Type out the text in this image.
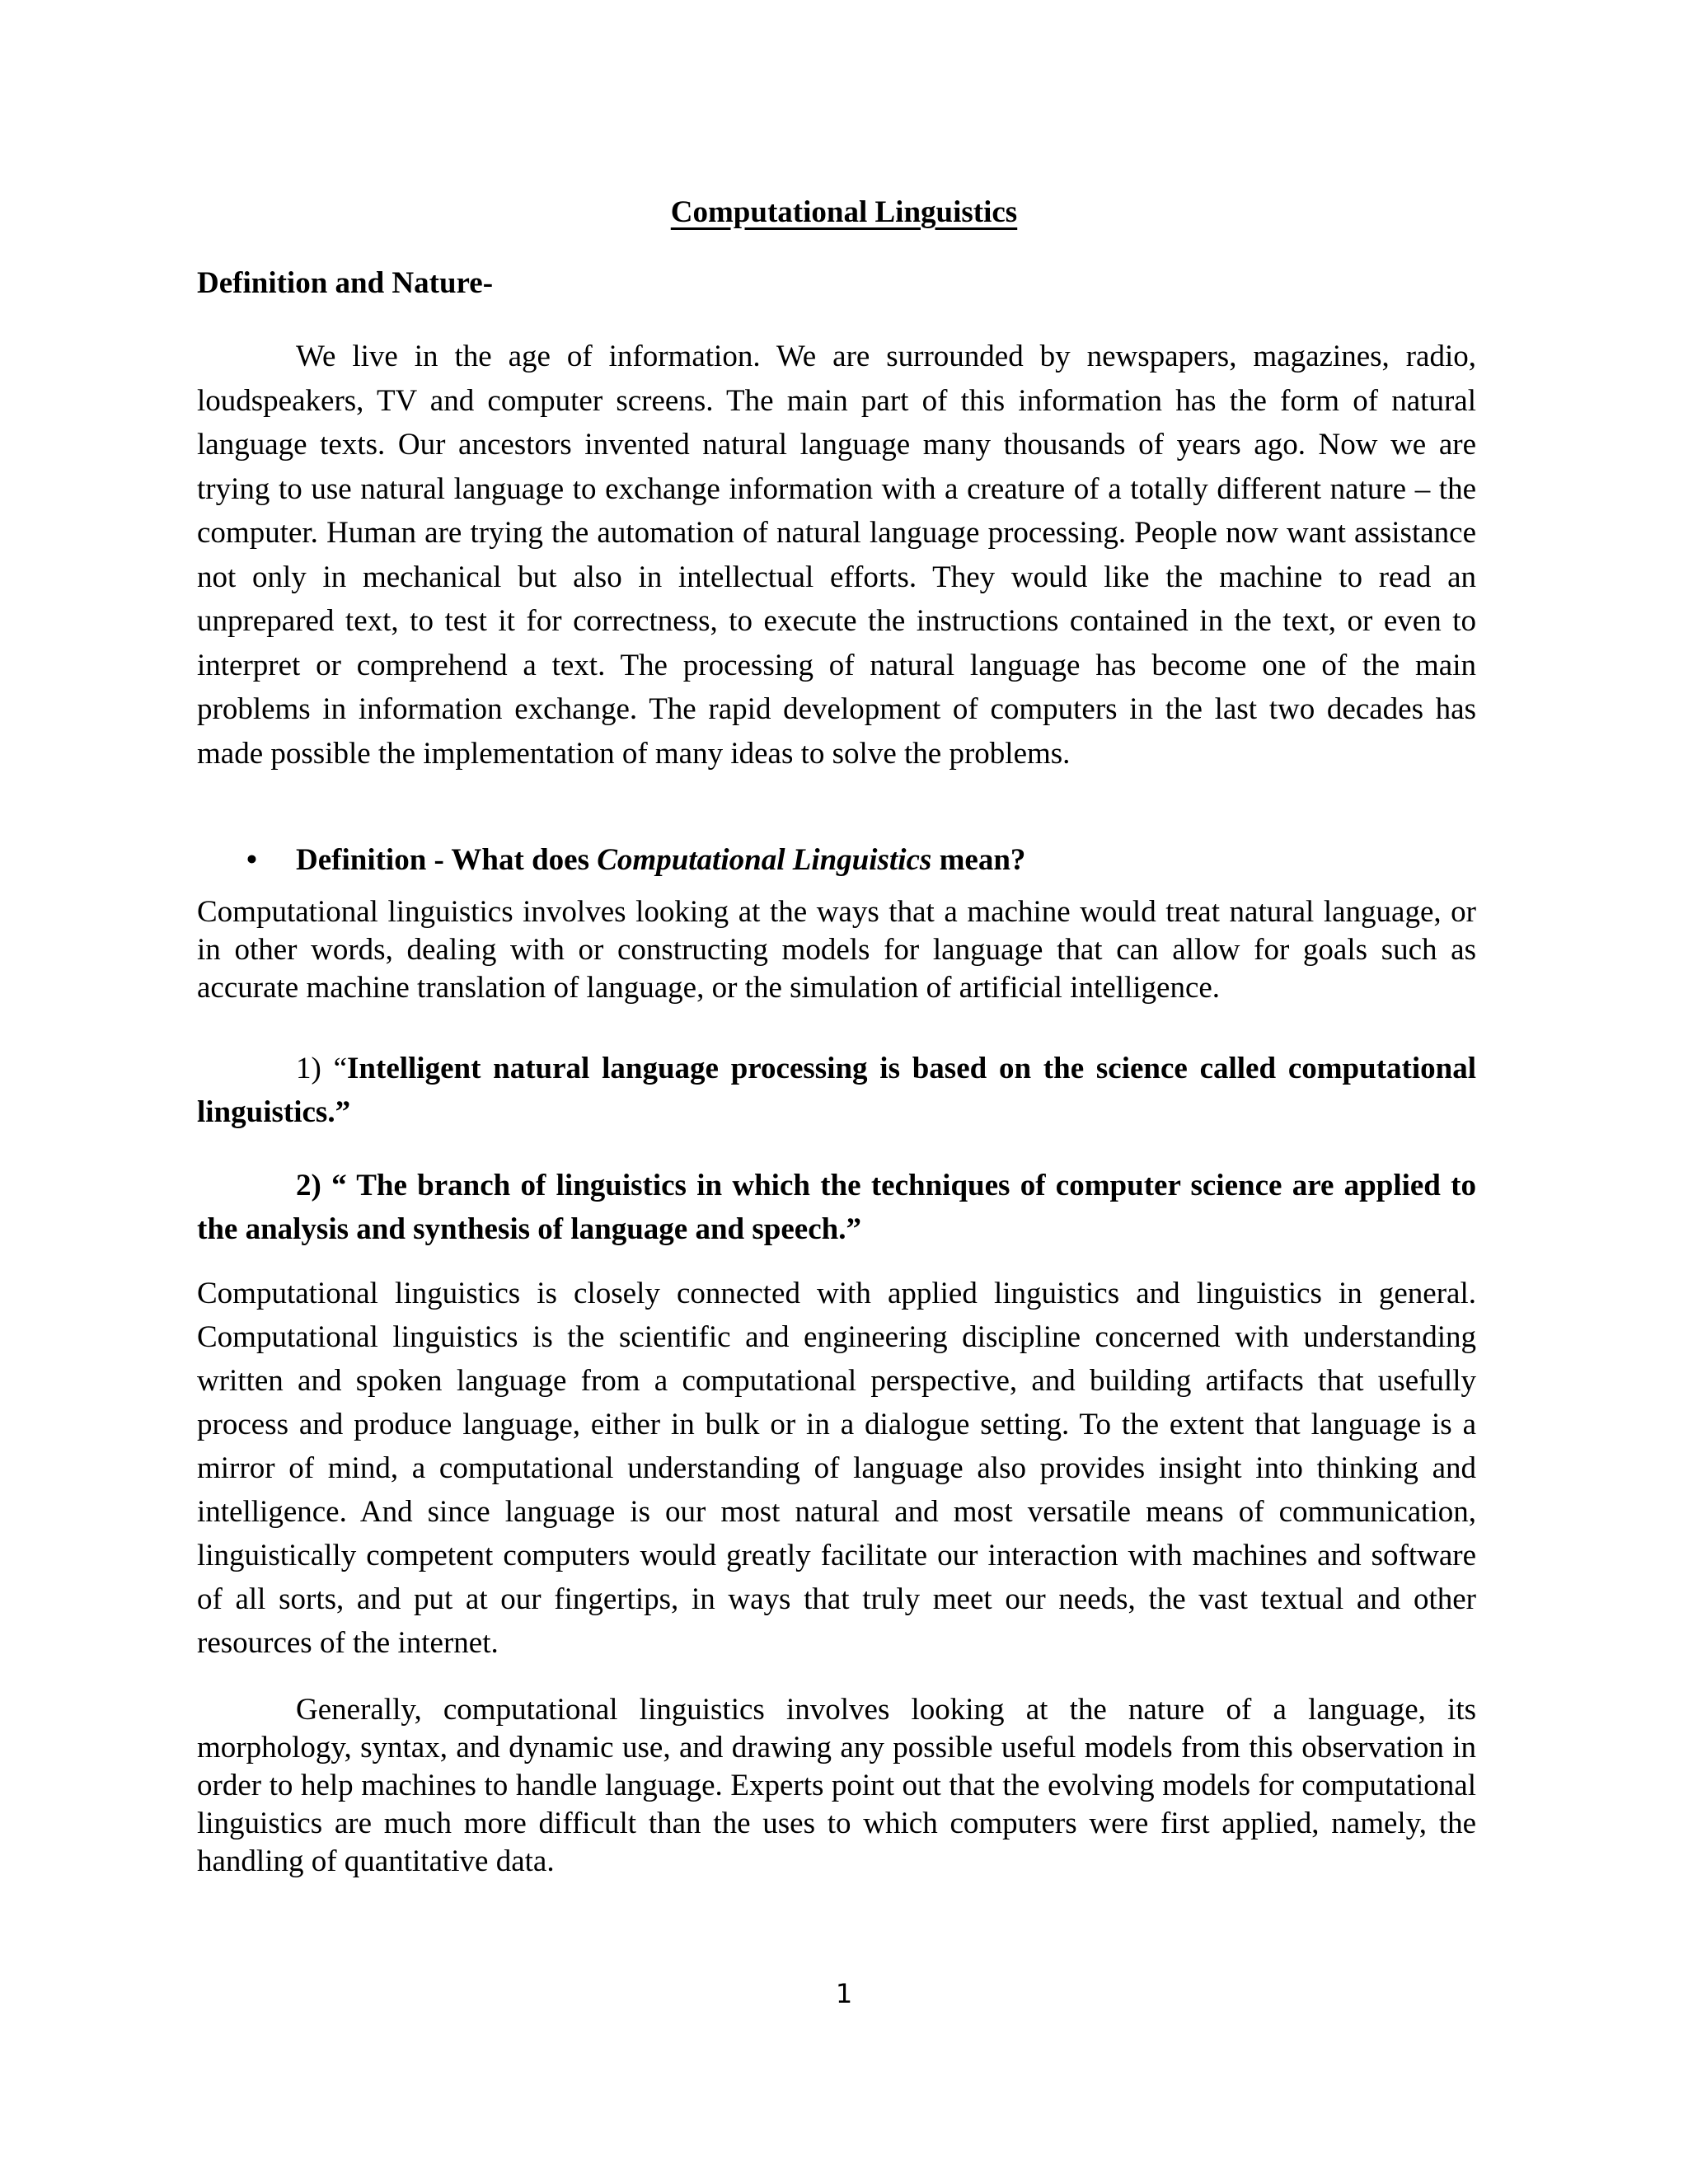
Computational Linguistics
Definition and Nature-

We live in the age of information. We are surrounded by newspapers, magazines, radio, loudspeakers, TV and computer screens. The main part of this information has the form of natural language texts. Our ancestors invented natural language many thousands of years ago. Now we are trying to use natural language to exchange information with a creature of a totally different nature – the computer. Human are trying the automation of natural language processing. People now want assistance not only in mechanical but also in intellectual efforts. They would like the machine to read an unprepared text, to test it for correctness, to execute the instructions contained in the text, or even to interpret or comprehend a text. The processing of natural language has become one of the main problems in information exchange. The rapid development of computers in the last two decades has made possible the implementation of many ideas to solve the problems.

• Definition - What does Computational Linguistics mean?

Computational linguistics involves looking at the ways that a machine would treat natural language, or in other words, dealing with or constructing models for language that can allow for goals such as accurate machine translation of language, or the simulation of artificial intelligence.

1) “Intelligent natural language processing is based on the science called computational linguistics.”

2) “ The branch of linguistics in which the techniques of computer science are applied to the analysis and synthesis of language and speech.”

Computational linguistics is closely connected with applied linguistics and linguistics in general. Computational linguistics is the scientific and engineering discipline concerned with understanding written and spoken language from a computational perspective, and building artifacts that usefully process and produce language, either in bulk or in a dialogue setting. To the extent that language is a mirror of mind, a computational understanding of language also provides insight into thinking and intelligence. And since language is our most natural and most versatile means of communication, linguistically competent computers would greatly facilitate our interaction with machines and software of all sorts, and put at our fingertips, in ways that truly meet our needs, the vast textual and other resources of the internet.

Generally, computational linguistics involves looking at the nature of a language, its morphology, syntax, and dynamic use, and drawing any possible useful models from this observation in order to help machines to handle language. Experts point out that the evolving models for computational linguistics are much more difficult than the uses to which computers were first applied, namely, the handling of quantitative data.

1
